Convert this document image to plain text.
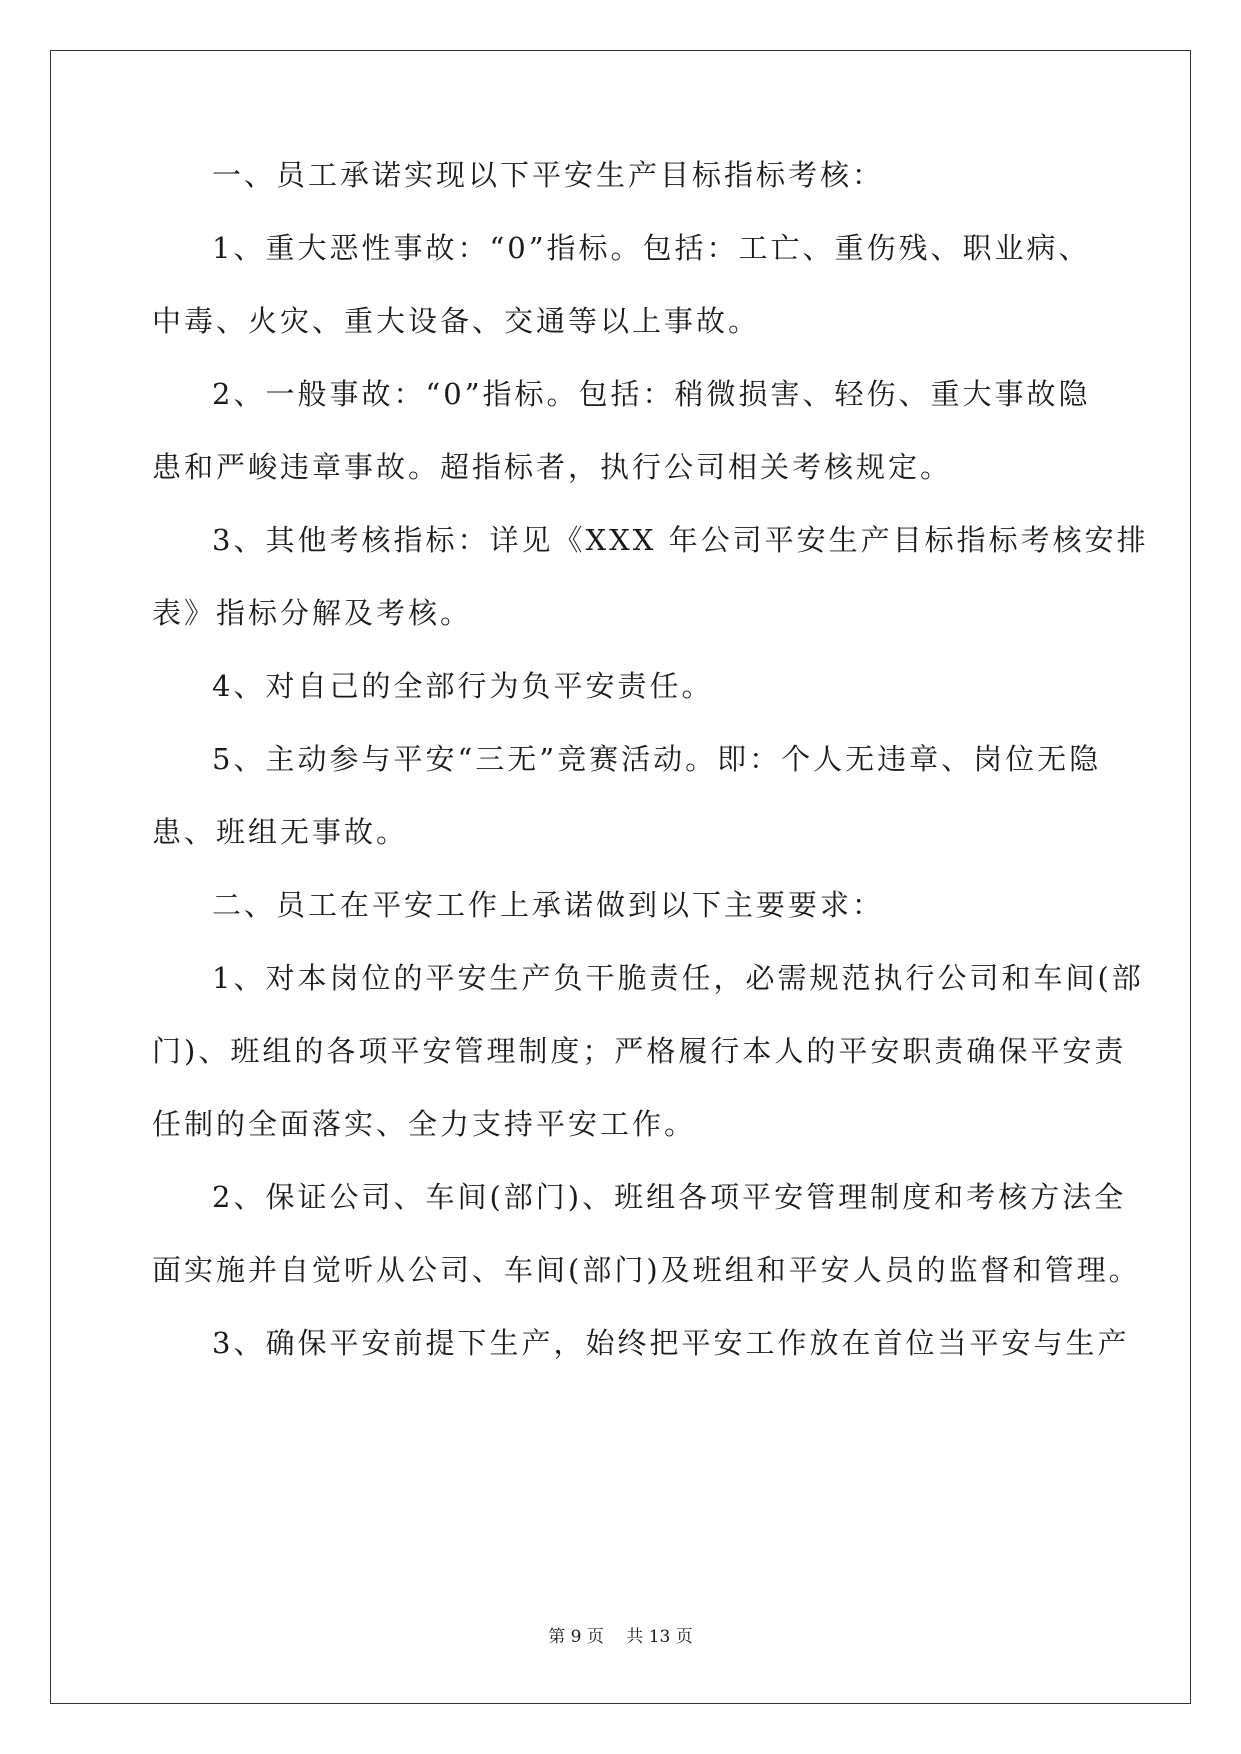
一、员工承诺实现以下平安生产目标指标考核：
1、重大恶性事故：“0”指标。包括：工亡、重伤残、职业病、
中毒、火灾、重大设备、交通等以上事故。
2、一般事故：“0”指标。包括：稍微损害、轻伤、重大事故隐
患和严峻违章事故。超指标者，执行公司相关考核规定。
3、其他考核指标：详见《XXX 年公司平安生产目标指标考核安排
表》指标分解及考核。
4、对自己的全部行为负平安责任。
5、主动参与平安“三无”竞赛活动。即：个人无违章、岗位无隐
患、班组无事故。
二、员工在平安工作上承诺做到以下主要要求：
1、对本岗位的平安生产负干脆责任，必需规范执行公司和车间(部
门)、班组的各项平安管理制度；严格履行本人的平安职责确保平安责
任制的全面落实、全力支持平安工作。
2、保证公司、车间(部门)、班组各项平安管理制度和考核方法全
面实施并自觉听从公司、车间(部门)及班组和平安人员的监督和管理。
3、确保平安前提下生产，始终把平安工作放在首位当平安与生产
第 9 页　 共 13 页
